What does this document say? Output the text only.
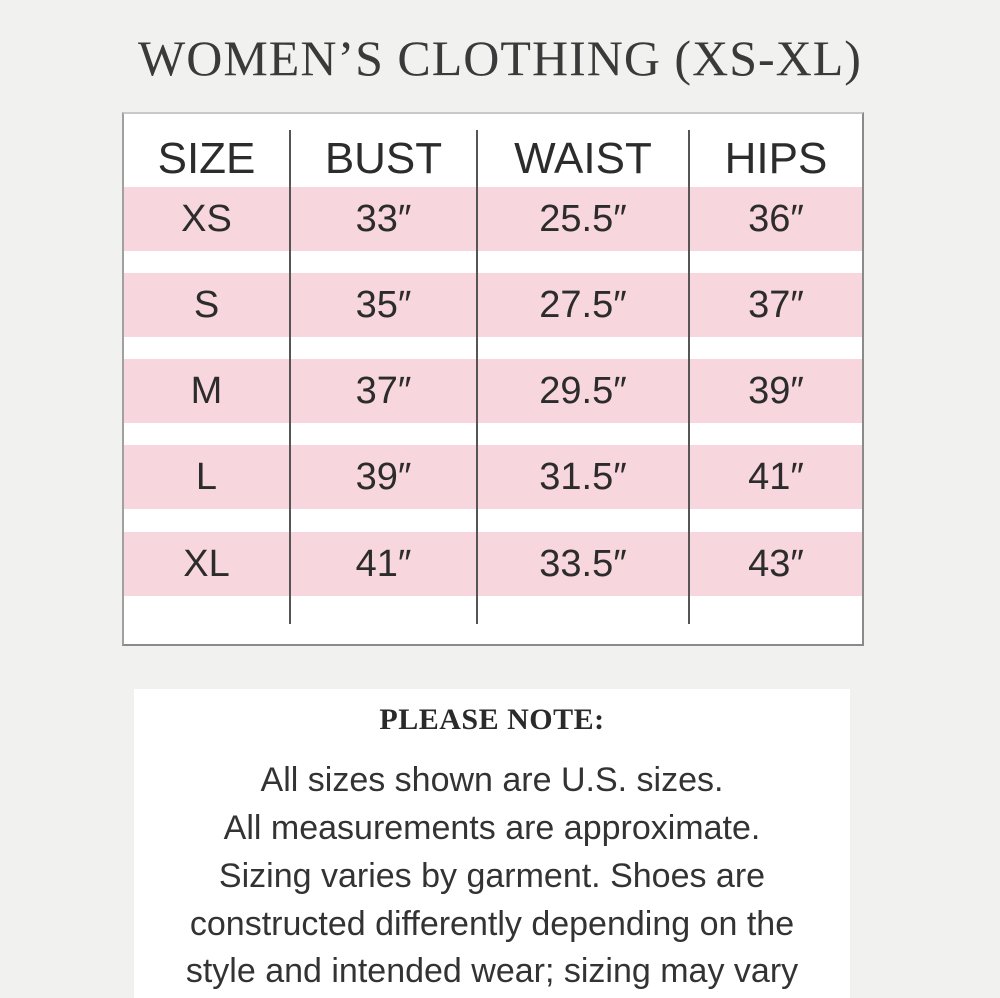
WOMEN’S CLOTHING (XS-XL)
SIZE	BUST	WAIST	HIPS
XS	33″	25.5″	36″
S	35″	27.5″	37″
M	37″	29.5″	39″
L	39″	31.5″	41″
XL	41″	33.5″	43″
PLEASE NOTE:
All sizes shown are U.S. sizes.
All measurements are approximate.
Sizing varies by garment. Shoes are
constructed differently depending on the
style and intended wear; sizing may vary
